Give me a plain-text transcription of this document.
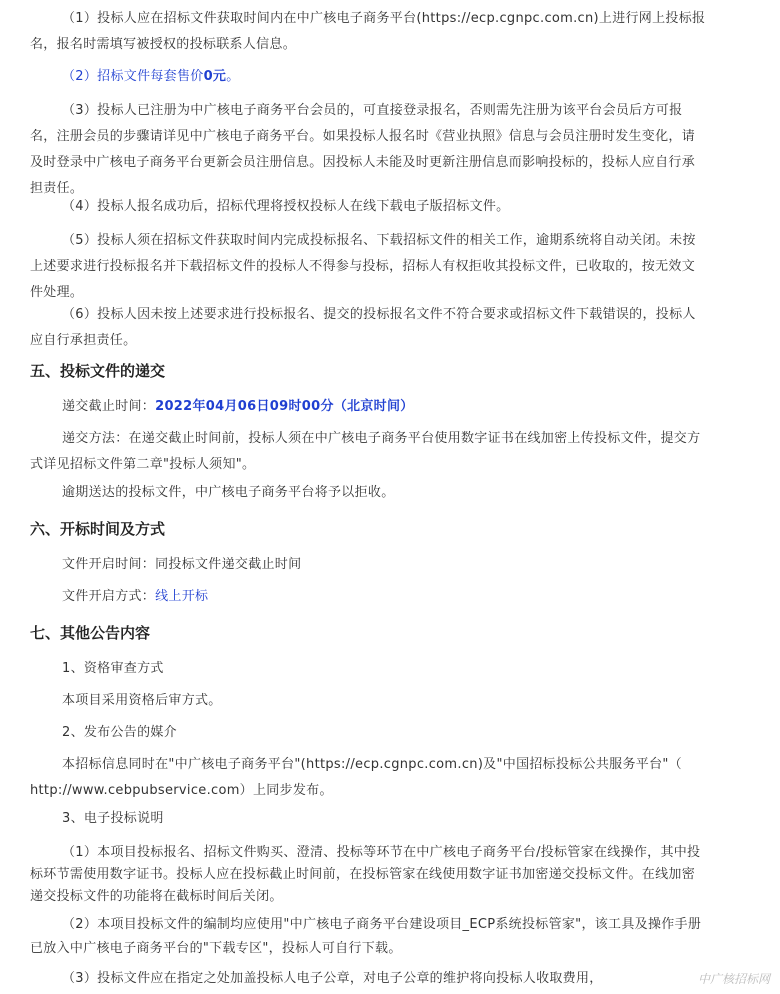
（1）投标人应在招标文件获取时间内在中广核电子商务平台(https://ecp.cgnpc.com.cn)上进行网上投标报
名，报名时需填写被授权的投标联系人信息。
（2）招标文件每套售价0元。
（3）投标人已注册为中广核电子商务平台会员的，可直接登录报名，否则需先注册为该平台会员后方可报
名，注册会员的步骤请详见中广核电子商务平台。如果投标人报名时《营业执照》信息与会员注册时发生变化，请
及时登录中广核电子商务平台更新会员注册信息。因投标人未能及时更新注册信息而影响投标的，投标人应自行承
担责任。
（4）投标人报名成功后，招标代理将授权投标人在线下载电子版招标文件。
（5）投标人须在招标文件获取时间内完成投标报名、下载招标文件的相关工作，逾期系统将自动关闭。未按
上述要求进行投标报名并下载招标文件的投标人不得参与投标，招标人有权拒收其投标文件，已收取的，按无效文
件处理。
（6）投标人因未按上述要求进行投标报名、提交的投标报名文件不符合要求或招标文件下载错误的，投标人
应自行承担责任。
五、投标文件的递交
递交截止时间：2022年04月06日09时00分（北京时间）
递交方法：在递交截止时间前，投标人须在中广核电子商务平台使用数字证书在线加密上传投标文件，提交方
式详见招标文件第二章"投标人须知"。
逾期送达的投标文件，中广核电子商务平台将予以拒收。
六、开标时间及方式
文件开启时间：同投标文件递交截止时间
文件开启方式：线上开标
七、其他公告内容
1、资格审查方式
本项目采用资格后审方式。
2、发布公告的媒介
本招标信息同时在"中广核电子商务平台"(https://ecp.cgnpc.com.cn)及"中国招标投标公共服务平台"（
http://www.cebpubservice.com）上同步发布。
3、电子投标说明
（1）本项目投标报名、招标文件购买、澄清、投标等环节在中广核电子商务平台/投标管家在线操作，其中投
标环节需使用数字证书。投标人应在投标截止时间前，在投标管家在线使用数字证书加密递交投标文件。在线加密
递交投标文件的功能将在截标时间后关闭。
（2）本项目投标文件的编制均应使用"中广核电子商务平台建设项目_ECP系统投标管家"，该工具及操作手册
已放入中广核电子商务平台的"下载专区"，投标人可自行下载。
（3）投标文件应在指定之处加盖投标人电子公章，对电子公章的维护将向投标人收取费用，	中广核招标网
